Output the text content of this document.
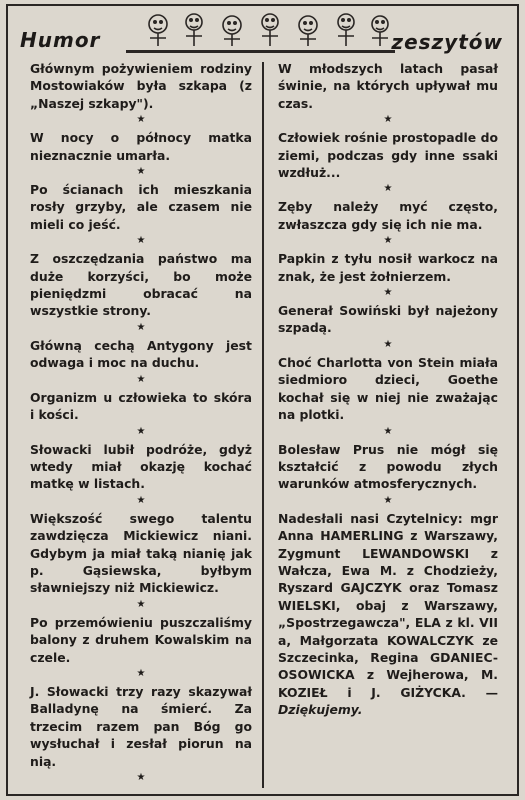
Humor	zeszytów

Głównym pożywieniem rodziny Mostowiaków była szkapa (z „Naszej szkapy").

★

W nocy o północy matka nieznacznie umarła.

★

Po ścianach ich mieszkania rosły grzyby, ale czasem nie mieli co jeść.

★

Z oszczędzania państwo ma duże korzyści, bo może pieniędzmi obracać na wszystkie strony.

★

Główną cechą Antygony jest odwaga i moc na duchu.

★

Organizm u człowieka to skóra i kości.

★

Słowacki lubił podróże, gdyż wtedy miał okazję kochać matkę w listach.

★

Większość swego talentu zawdzięcza Mickiewicz niani. Gdybym ja miał taką nianię jak p. Gąsiewska, byłbym sławniejszy niż Mickiewicz.

★

Po przemówieniu puszczaliśmy balony z druhem Kowalskim na czele.

★

J. Słowacki trzy razy skazywał Balladynę na śmierć. Za trzecim razem pan Bóg go wysłuchał i zesłał piorun na nią.

★

W młodszych latach pasał świnie, na których upływał mu czas.

★

Człowiek rośnie prostopadle do ziemi, podczas gdy inne ssaki wzdłuż...

★

Zęby należy myć często, zwłaszcza gdy się ich nie ma.

★

Papkin z tyłu nosił warkocz na znak, że jest żołnierzem.

★

Generał Sowiński był najeżony szpadą.

★

Choć Charlotta von Stein miała siedmioro dzieci, Goethe kochał się w niej nie zważając na plotki.

★

Bolesław Prus nie mógł się kształcić z powodu złych warunków atmosferycznych.

★

Nadesłali nasi Czytelnicy: mgr Anna HAMERLING z Warszawy, Zygmunt LEWANDOWSKI z Wałcza, Ewa M. z Chodzieży, Ryszard GAJCZYK oraz Tomasz WIELSKI, obaj z Warszawy, „Spostrzegawcza", ELA z kl. VII a, Małgorzata KOWALCZYK ze Szczecinka, Regina GDANIEC-OSOWICKA z Wejherowa, M. KOZIEŁ i J. GIŻYCKA. — Dziękujemy.
